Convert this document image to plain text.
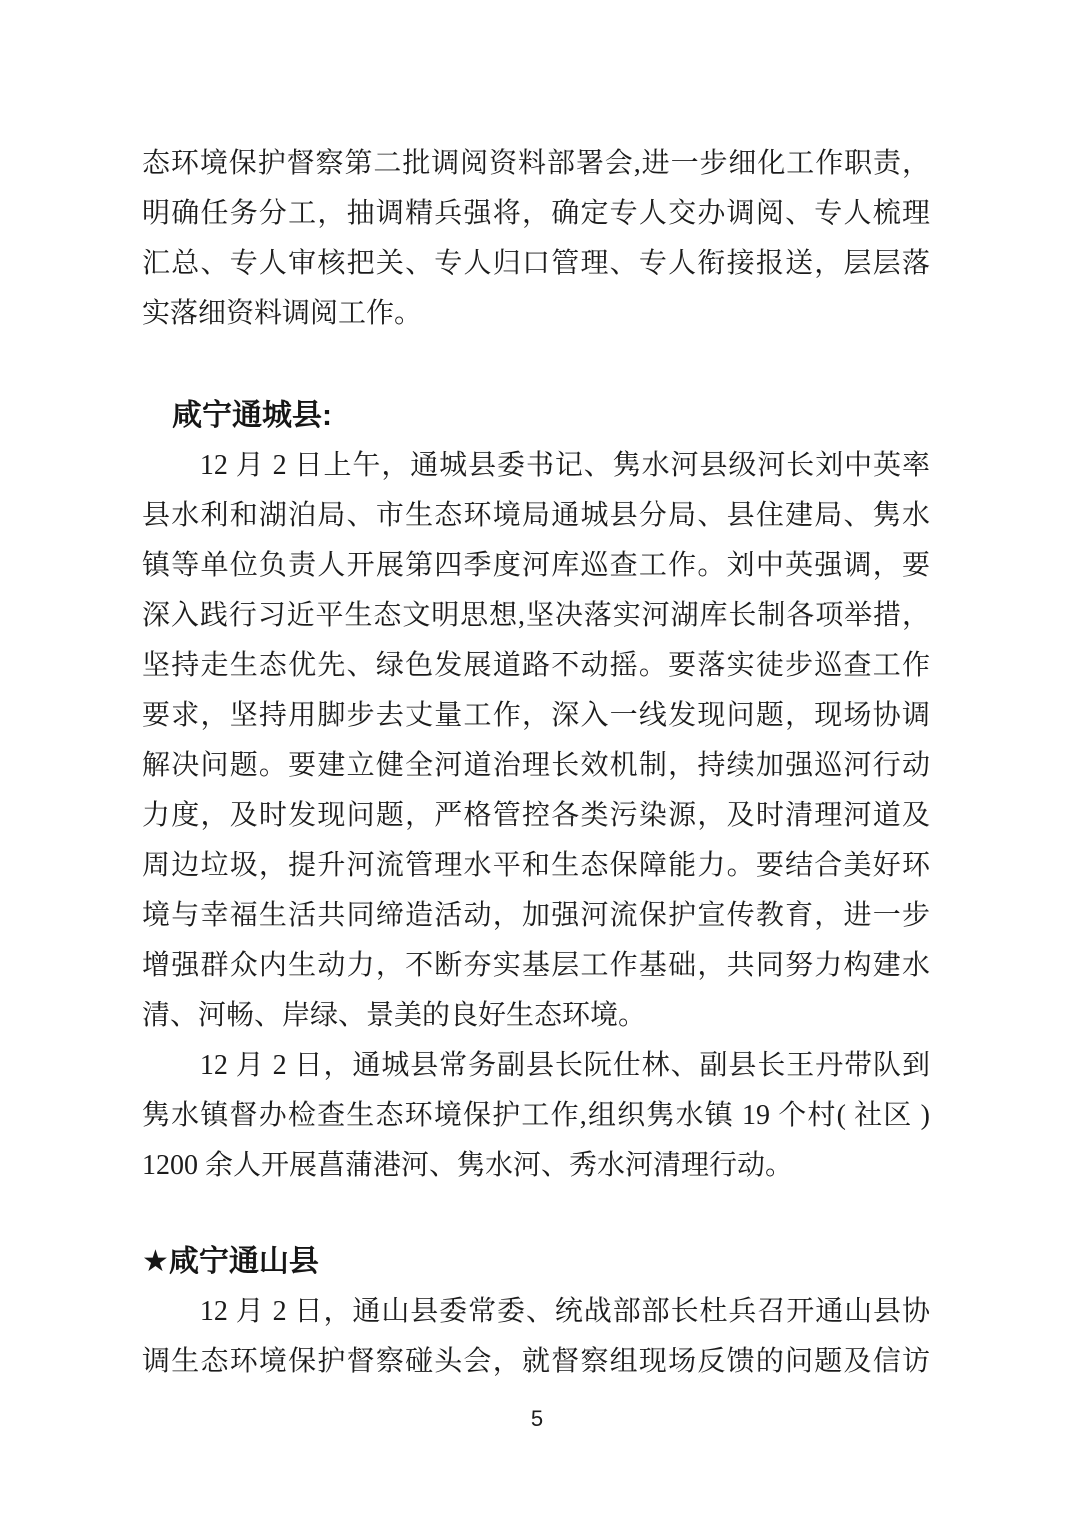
态环境保护督察第二批调阅资料部署会,进一步细化工作职责，
明确任务分工，抽调精兵强将，确定专人交办调阅、专人梳理
汇总、专人审核把关、专人归口管理、专人衔接报送，层层落
实落细资料调阅工作。
　咸宁通城县:
　　12 月 2 日上午，通城县委书记、隽水河县级河长刘中英率
县水利和湖泊局、市生态环境局通城县分局、县住建局、隽水
镇等单位负责人开展第四季度河库巡查工作。刘中英强调，要
深入践行习近平生态文明思想,坚决落实河湖库长制各项举措，
坚持走生态优先、绿色发展道路不动摇。要落实徒步巡查工作
要求，坚持用脚步去丈量工作，深入一线发现问题，现场协调
解决问题。要建立健全河道治理长效机制，持续加强巡河行动
力度，及时发现问题，严格管控各类污染源，及时清理河道及
周边垃圾，提升河流管理水平和生态保障能力。要结合美好环
境与幸福生活共同缔造活动，加强河流保护宣传教育，进一步
增强群众内生动力，不断夯实基层工作基础，共同努力构建水
清、河畅、岸绿、景美的良好生态环境。
　　12 月 2 日，通城县常务副县长阮仕林、副县长王丹带队到
隽水镇督办检查生态环境保护工作,组织隽水镇 19 个村( 社区 )
1200 余人开展菖蒲港河、隽水河、秀水河清理行动。
★咸宁通山县
　　12 月 2 日，通山县委常委、统战部部长杜兵召开通山县协
调生态环境保护督察碰头会，就督察组现场反馈的问题及信访
5
